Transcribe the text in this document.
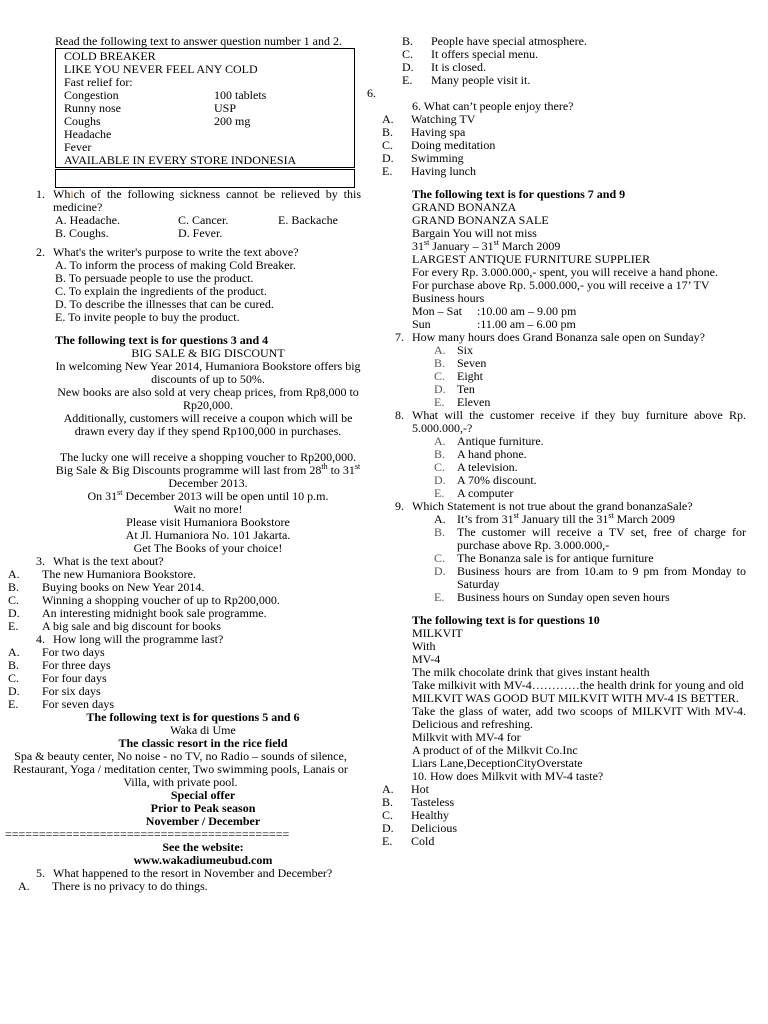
Read the following text to answer question number 1 and 2.
COLD BREAKER
LIKE YOU NEVER FEEL ANY COLD
Fast relief for:
Congestion	100 tablets
Runny nose	USP
Coughs	200 mg
Headache
Fever
AVAILABLE IN EVERY STORE INDONESIA
1. Which of the following sickness cannot be relieved by this medicine?
A. Headache.	C. Cancer.	E. Backache
B. Coughs.	D. Fever.
2. What's the writer's purpose to write the text above?
A. To inform the process of making Cold Breaker.
B. To persuade people to use the product.
C. To explain the ingredients of the product.
D. To describe the illnesses that can be cured.
E. To invite people to buy the product.
The following text is for questions 3 and 4
BIG SALE & BIG DISCOUNT
In welcoming New Year 2014, Humaniora Bookstore offers big discounts of up to 50%.
New books are also sold at very cheap prices, from Rp8,000 to Rp20,000.
Additionally, customers will receive a coupon which will be drawn every day if they spend Rp100,000 in purchases.
The lucky one will receive a shopping voucher to Rp200,000.
Big Sale & Big Discounts programme will last from 28th to 31st December 2013.
On 31st December 2013 will be open until 10 p.m.
Wait no more!
Please visit Humaniora Bookstore
At Jl. Humaniora No. 101 Jakarta.
Get The Books of your choice!
3. What is the text about?
A.	The new Humaniora Bookstore.
B.	Buying books on New Year 2014.
C.	Winning a shopping voucher of up to Rp200,000.
D.	An interesting midnight book sale programme.
E.	A big sale and big discount for books
4. How long will the programme last?
A.	For two days
B.	For three days
C.	For four days
D.	For six days
E.	For seven days
The following text is for questions 5 and 6
Waka di Ume
The classic resort in the rice field
Spa & beauty center, No noise - no TV, no Radio – sounds of silence, Restaurant, Yoga / meditation center, Two swimming pools, Lanais or Villa, with private pool.
Special offer
Prior to Peak season
November / December
==========================================
See the website:
www.wakadiumeubud.com
5. What happened to the resort in November and December?
A.	There is no privacy to do things.
B.	People have special atmosphere.
C.	It offers special menu.
D.	It is closed.
E.	Many people visit it.
6.
6. What can’t people enjoy there?
A.	Watching TV
B.	Having spa
C.	Doing meditation
D.	Swimming
E.	Having lunch
The following text is for questions 7 and 9
GRAND BONANZA
GRAND BONANZA SALE
Bargain You will not miss
31st January – 31st March 2009
LARGEST ANTIQUE FURNITURE SUPPLIER
For every Rp. 3.000.000,- spent, you will receive a hand phone.
For purchase above Rp. 5.000.000,- you will receive a 17’ TV
Business hours
Mon – Sat	:10.00 am – 9.00 pm
Sun	:11.00 am – 6.00 pm
7. How many hours does Grand Bonanza sale open on Sunday?
A. Six
B. Seven
C. Eight
D. Ten
E.	Eleven
8. What will the customer receive if they buy furniture above Rp. 5.000.000,-?
A. Antique furniture.
B. A hand phone.
C. A television.
D. A 70% discount.
E.	A computer
9. Which Statement is not true about the grand bonanzaSale?
A. It’s from 31st January till the 31st March 2009
B. The customer will receive a TV set, free of charge for purchase above Rp. 3.000.000,-
C. The Bonanza sale is for antique furniture
D. Business hours are from 10.am to 9 pm from Monday to Saturday
E.	Business hours on Sunday open seven hours
The following text is for questions 10
MILKVIT
With
MV-4
The milk chocolate drink that gives instant health
Take milkivit with MV-4…………the health drink for young and old
MILKVIT WAS GOOD BUT MILKVIT WITH MV-4 IS BETTER.
Take the glass of water, add two scoops of MILKVIT With MV-4. Delicious and refreshing.
Milkvit with MV-4 for
A product of of the Milkvit Co.Inc
Liars Lane,DeceptionCityOverstate
10. How does Milkvit with MV-4 taste?
A.	Hot
B.	Tasteless
C.	Healthy
D.	Delicious
E.	Cold
